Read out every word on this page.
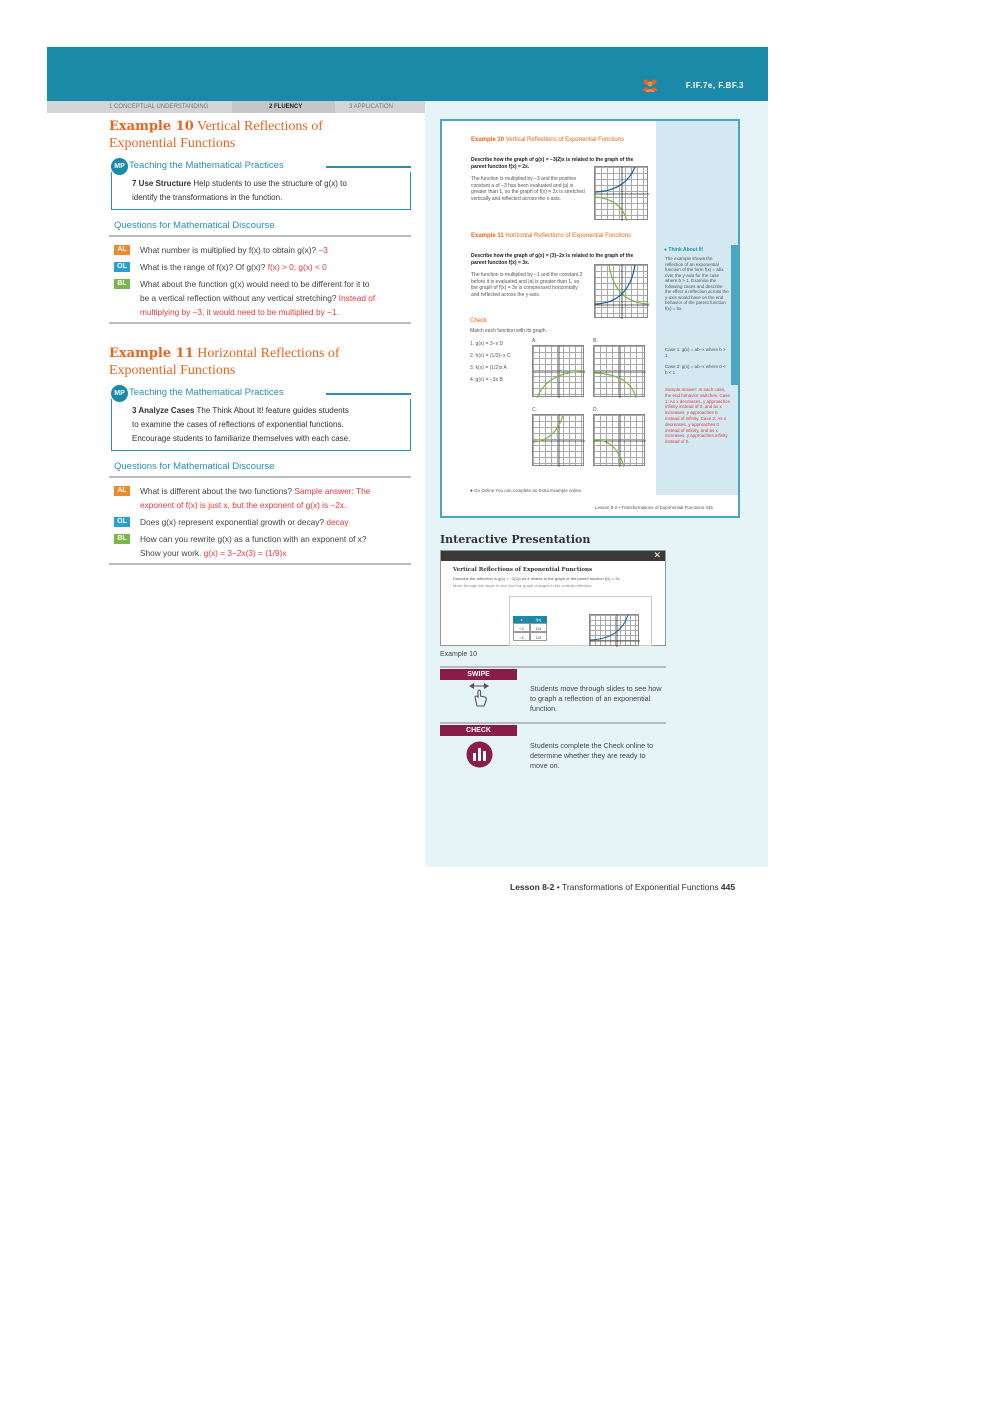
F.IF.7e, F.BF.3
1 CONCEPTUAL UNDERSTANDING	2 FLUENCY	3 APPLICATION
Example 10 Vertical Reflections of
Exponential Functions
MP Teaching the Mathematical Practices
7 Use Structure Help students to use the structure of g(x) to
identify the transformations in the function.
Questions for Mathematical Discourse
AL	What number is multiplied by f(x) to obtain g(x)? −3
OL	What is the range of f(x)? Of g(x)? f(x) > 0; g(x) < 0
BL	What about the function g(x) would need to be different for it to
be a vertical reflection without any vertical stretching? Instead of
multiplying by −3, it would need to be multiplied by −1.
Example 11 Horizontal Reflections of
Exponential Functions
MP Teaching the Mathematical Practices
3 Analyze Cases The Think About It! feature guides students
to examine the cases of reflections of exponential functions.
Encourage students to familiarize themselves with each case.
Questions for Mathematical Discourse
AL	What is different about the two functions? Sample answer: The
exponent of f(x) is just x, but the exponent of g(x) is −2x.
OL	Does g(x) represent exponential growth or decay? decay
BL	How can you rewrite g(x) as a function with an exponent of x?
Show your work. g(x) = 3−2x(3) = (1/9)x
Example 10 Vertical Reflections of Exponential Functions
Describe how the graph of g(x) = −3(2)x is related to the graph of the parent function f(x) = 2x.
The function is multiplied by −3 and the positive constant a of −3 has been evaluated and |a| is greater than 1, so the graph of f(x) = 2x is stretched vertically and reflected across the x-axis.
Example 11 Horizontal Reflections of Exponential Functions
Describe how the graph of g(x) = (3)−2x is related to the graph of the parent function f(x) = 3x.
The function is multiplied by −1 and the constant 2 before it is evaluated and |a| is greater than 1, so the graph of f(x) = 3x is compressed horizontally and reflected across the y-axis.
Check
Match each function with its graph.
1. g(x) = 3−x D
2. h(x) = (1/3)−x C
3. k(x) = (1/2)x A
4. g(x) = −3x B
A.	B.
C.	D.
● Think About It!
The example shows the reflection of an exponential function of the form f(x) = abx over the y-axis for the case where b > 1. Examine the following cases and describe the effect a reflection across the y-axis would have on the end behavior of the parent function f(x) = bx.
Case 1: g(x) = ab−x where b > 1
Case 2: g(x) = ab−x where 0 < b < 1
Sample answer: In each case, the end behavior switches. Case 1: As x decreases, y approaches infinity instead of 0, and as x increases, y approaches 0 instead of infinity. Case 2: As x decreases, y approaches 0 instead of infinity, and as x increases, y approaches infinity instead of 0.
● Go Online You can complete an Extra Example online.
Lesson 8-2 • Transformations of Exponential Functions 445
Interactive Presentation
✕
Vertical Reflections of Exponential Functions
Describe the reflection in g(x) = −3(2)x as it relates to the graph of the parent function f(x) = 2x.
Move through the steps to see how the graph changes in the vertical reflection.
x	f(x)
−2	1/4
−1	1/2
Example 10
SWIPE
Students move through slides to see how to graph a reflection of an exponential function.
CHECK
Students complete the Check online to determine whether they are ready to move on.
Lesson 8-2 • Transformations of Exponential Functions 445
